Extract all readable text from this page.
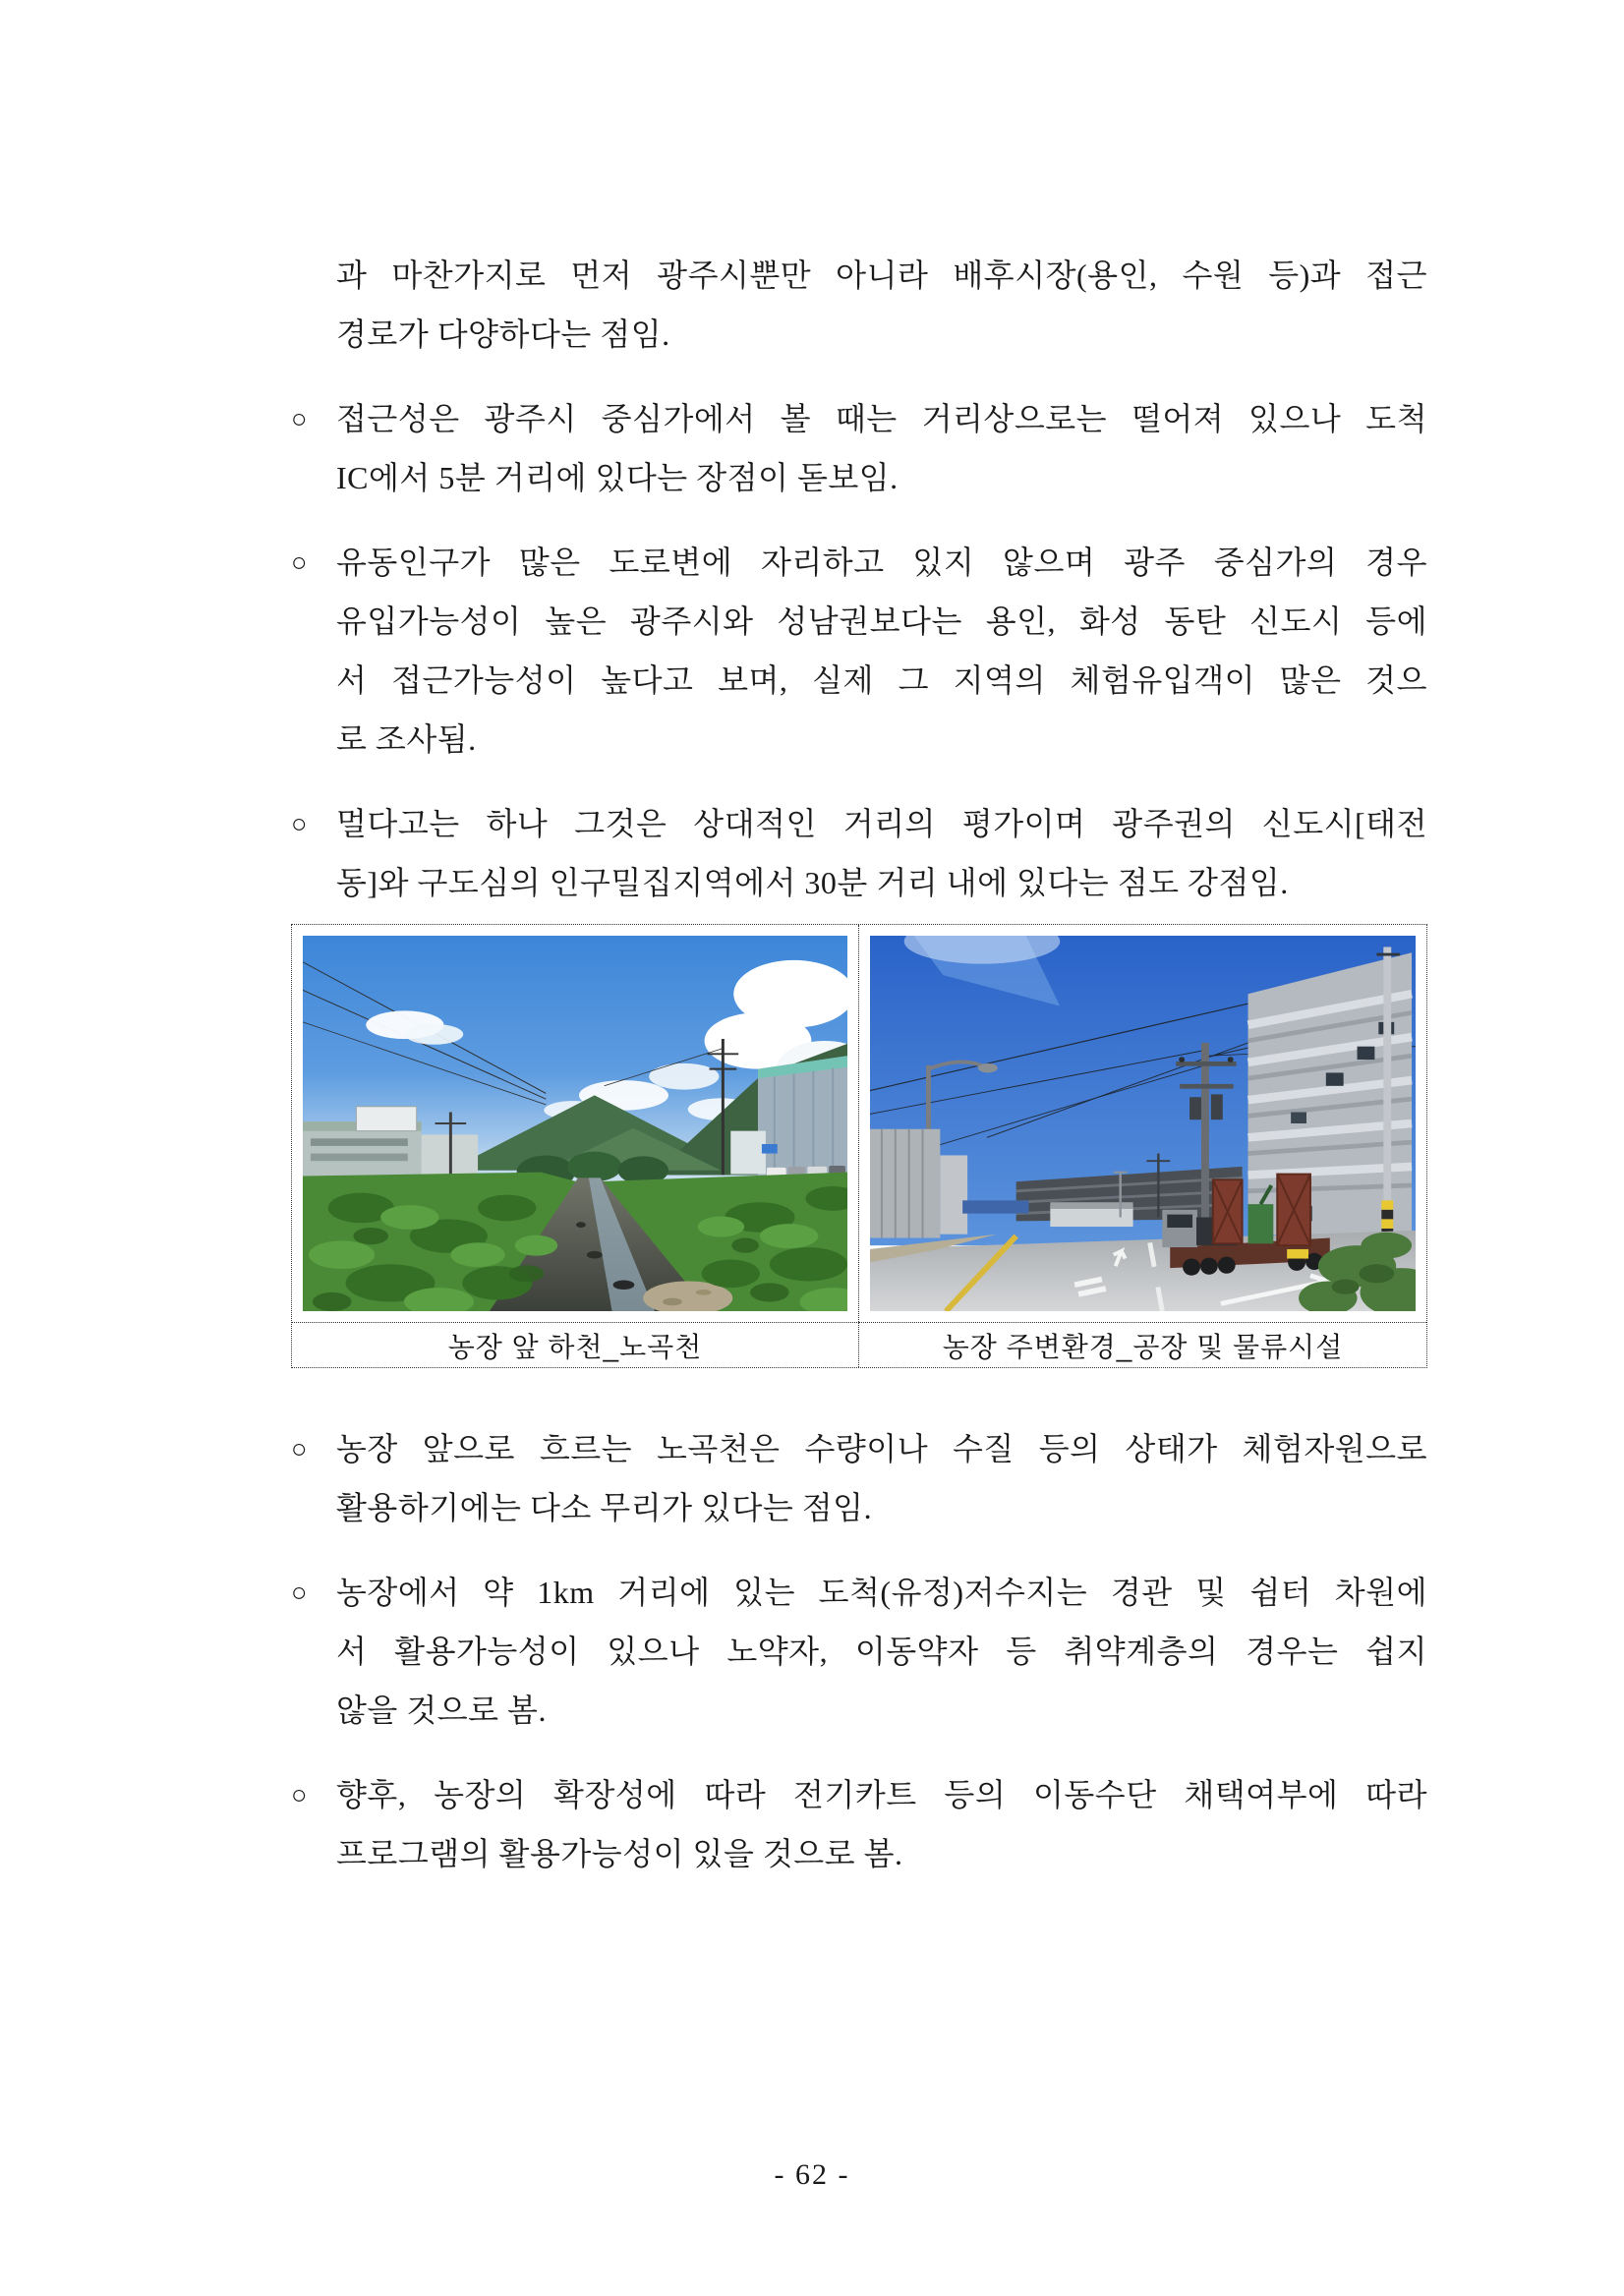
과 마찬가지로 먼저 광주시뿐만 아니라 배후시장(용인, 수원 등)과 접근
경로가 다양하다는 점임.
○ 접근성은 광주시 중심가에서 볼 때는 거리상으로는 떨어져 있으나 도척
IC에서 5분 거리에 있다는 장점이 돋보임.
○ 유동인구가 많은 도로변에 자리하고 있지 않으며 광주 중심가의 경우
유입가능성이 높은 광주시와 성남권보다는 용인, 화성 동탄 신도시 등에
서 접근가능성이 높다고 보며, 실제 그 지역의 체험유입객이 많은 것으
로 조사됨.
○ 멀다고는 하나 그것은 상대적인 거리의 평가이며 광주권의 신도시[태전
동]와 구도심의 인구밀집지역에서 30분 거리 내에 있다는 점도 강점임.
농장 앞 하천_노곡천	농장 주변환경_공장 및 물류시설
○ 농장 앞으로 흐르는 노곡천은 수량이나 수질 등의 상태가 체험자원으로
활용하기에는 다소 무리가 있다는 점임.
○ 농장에서 약 1km 거리에 있는 도척(유정)저수지는 경관 및 쉼터 차원에
서 활용가능성이 있으나 노약자, 이동약자 등 취약계층의 경우는 쉽지
않을 것으로 봄.
○ 향후, 농장의 확장성에 따라 전기카트 등의 이동수단 채택여부에 따라
프로그램의 활용가능성이 있을 것으로 봄.
- 62 -
